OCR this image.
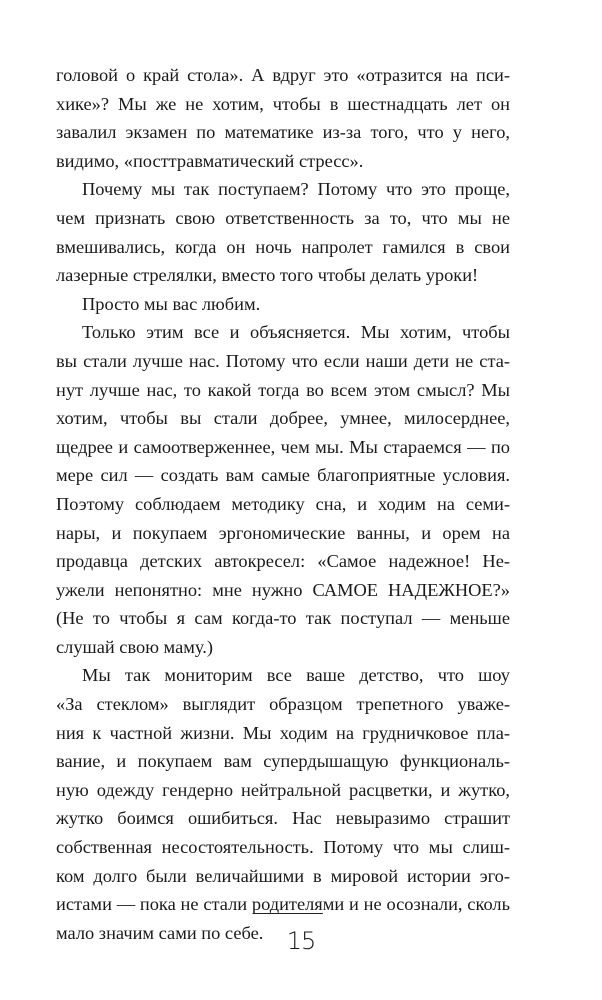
головой о край стола». А вдруг это «отразится на пси-
хике»? Мы же не хотим, чтобы в шестнадцать лет он
завалил экзамен по математике из-за того, что у него,
видимо, «посттравматический стресс».
Почему мы так поступаем? Потому что это проще,
чем признать свою ответственность за то, что мы не
вмешивались, когда он ночь напролет гамился в свои
лазерные стрелялки, вместо того чтобы делать уроки!
Просто мы вас любим.
Только этим все и объясняется. Мы хотим, чтобы
вы стали лучше нас. Потому что если наши дети не ста-
нут лучше нас, то какой тогда во всем этом смысл? Мы
хотим, чтобы вы стали добрее, умнее, милосерднее,
щедрее и самоотверженнее, чем мы. Мы стараемся — по
мере сил — создать вам самые благоприятные условия.
Поэтому соблюдаем методику сна, и ходим на семи-
нары, и покупаем эргономические ванны, и орем на
продавца детских автокресел: «Самое надежное! Не-
ужели непонятно: мне нужно САМОЕ НАДЕЖНОЕ?»
(Не то чтобы я сам когда-то так поступал — меньше
слушай свою маму.)
Мы так мониторим все ваше детство, что шоу
«За стеклом» выглядит образцом трепетного уваже-
ния к частной жизни. Мы ходим на грудничковое пла-
вание, и покупаем вам супердышащую функциональ-
ную одежду гендерно нейтральной расцветки, и жутко,
жутко боимся ошибиться. Нас невыразимо страшит
собственная несостоятельность. Потому что мы слиш-
ком долго были величайшими в мировой истории эго-
истами — пока не стали родителями и не осознали, сколь
мало значим сами по себе. 15
